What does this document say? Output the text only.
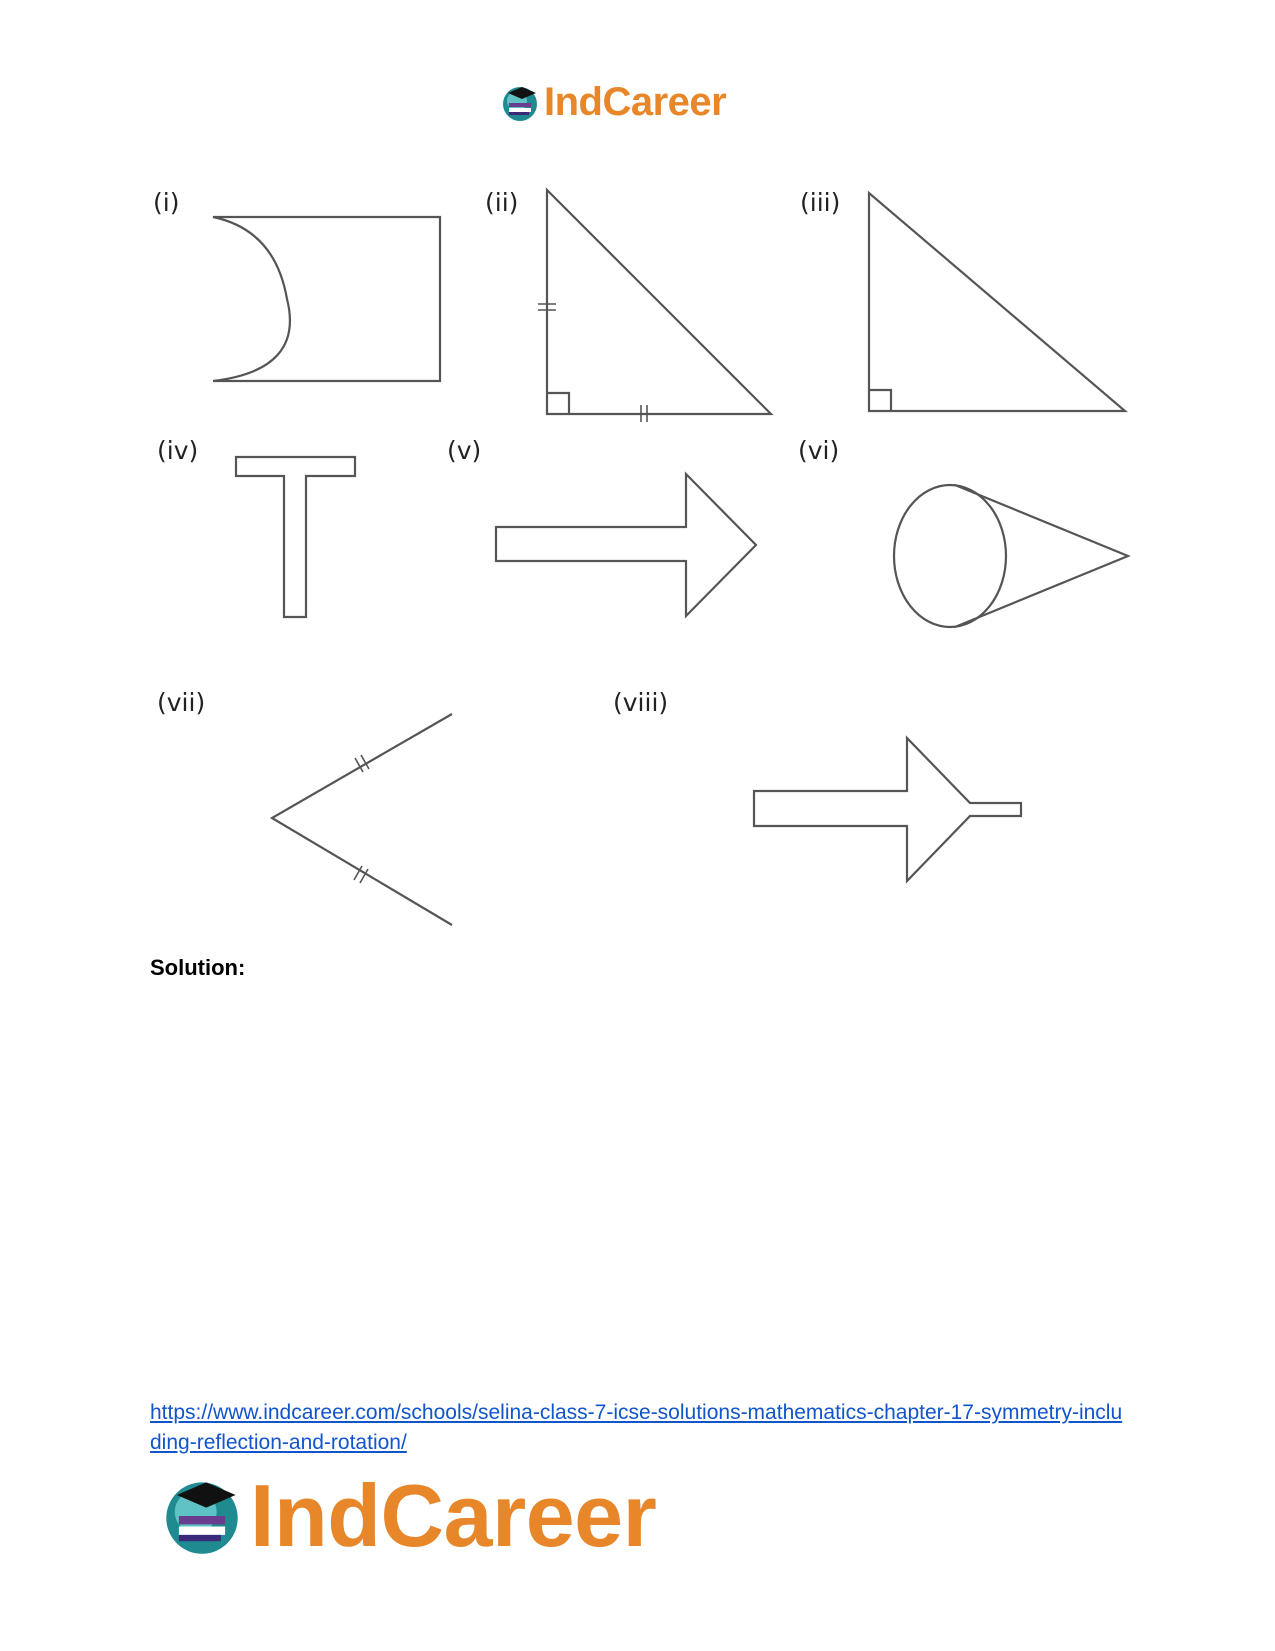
IndCareer
(i)	(ii)	(iii)
(iv)	(v)	(vi)
(vii)	(viii)
Solution:
https://www.indcareer.com/schools/selina-class-7-icse-solutions-mathematics-chapter-17-symmetry-including-reflection-and-rotation/
IndCareer
